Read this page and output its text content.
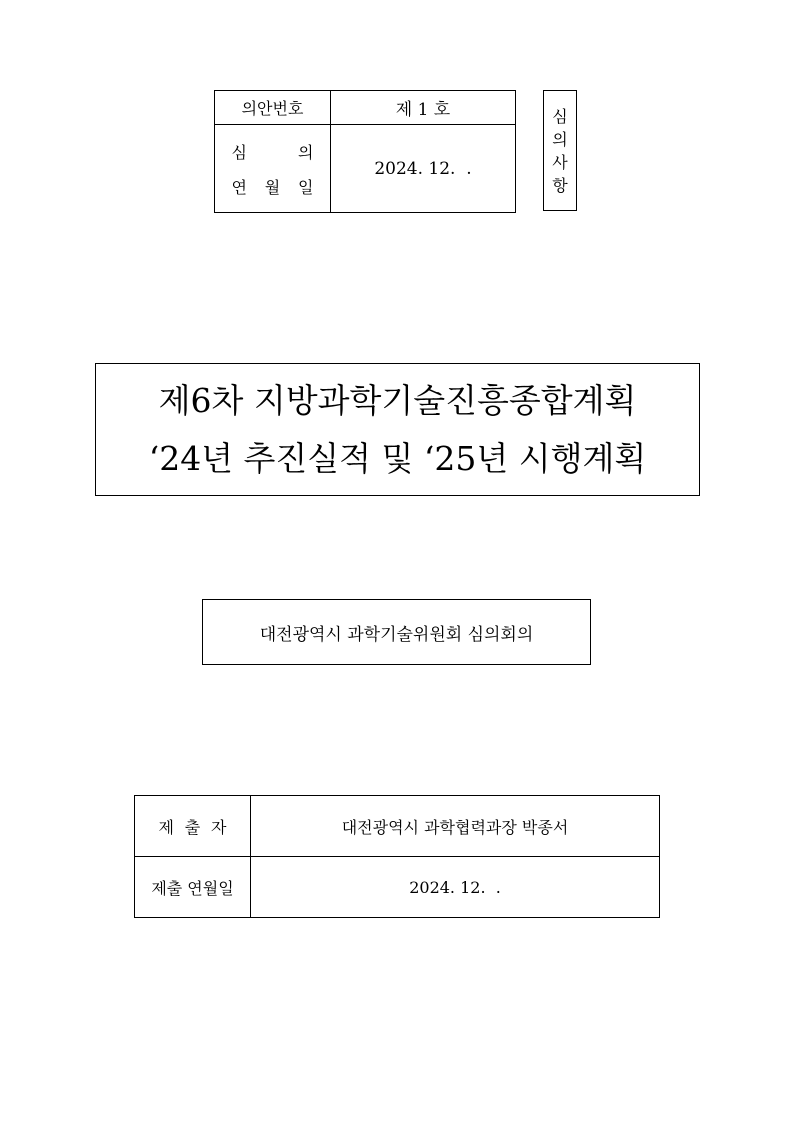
의안번호	제 1 호

심 의
연 월 일	2024. 12.  .
심
의
사
항
제6차 지방과학기술진흥종합계획
‘24년 추진실적 및 ‘25년 시행계획
대전광역시 과학기술위원회 심의회의
제 출 자	대전광역시 과학협력과장 박종서
제출 연월일	2024. 12.  .
